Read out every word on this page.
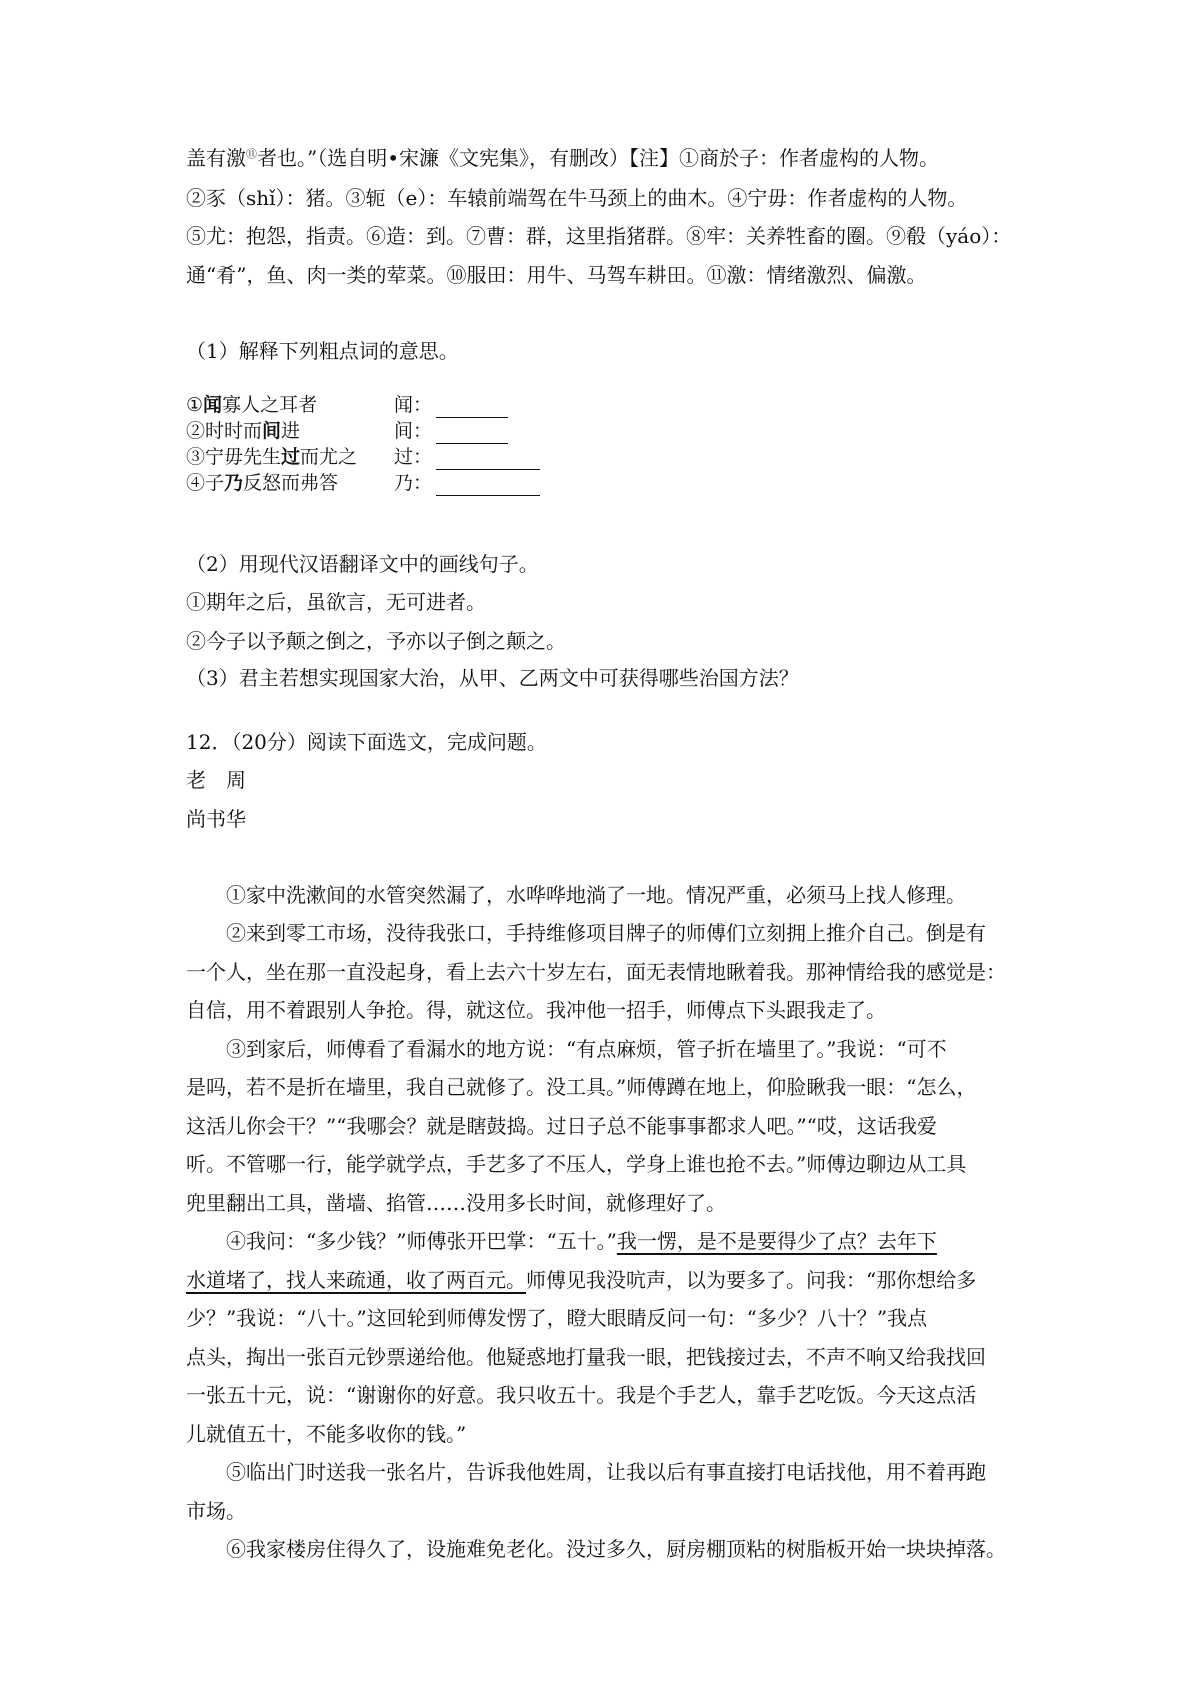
盖有激⑪者也。”（选自明•宋濂《文宪集》，有删改）【注】①商於子：作者虚构的人物。
②豕（shǐ）：猪。③轭（e）：车辕前端驾在牛马颈上的曲木。④宁毋：作者虚构的人物。
⑤尤：抱怨，指责。⑥造：到。⑦曹：群，这里指猪群。⑧牢：关养牲畜的圈。⑨殽（yáo）：
通“肴”，鱼、肉一类的荤菜。⑩服田：用牛、马驾车耕田。⑪激：情绪激烈、偏激。
（1）解释下列粗点词的意思。
①闻寡人之耳者	闻：
②时时而间进	间：
③宁毋先生过而尤之 过：
④子乃反怒而弗答	乃：
（2）用现代汉语翻译文中的画线句子。
①期年之后，虽欲言，无可进者。
②今子以予颠之倒之，予亦以子倒之颠之。
（3）君主若想实现国家大治，从甲、乙两文中可获得哪些治国方法？
12．（20分）阅读下面选文，完成问题。
老　周
尚书华
①家中洗漱间的水管突然漏了，水哗哗地淌了一地。情况严重，必须马上找人修理。
②来到零工市场，没待我张口，手持维修项目牌子的师傅们立刻拥上推介自己。倒是有
一个人，坐在那一直没起身，看上去六十岁左右，面无表情地瞅着我。那神情给我的感觉是：
自信，用不着跟别人争抢。得，就这位。我冲他一招手，师傅点下头跟我走了。
③到家后，师傅看了看漏水的地方说：“有点麻烦，管子折在墙里了。”我说：“可不
是吗，若不是折在墙里，我自己就修了。没工具。”师傅蹲在地上，仰脸瞅我一眼：“怎么，
这活儿你会干？”“我哪会？就是瞎鼓捣。过日子总不能事事都求人吧。”“哎，这话我爱
听。不管哪一行，能学就学点，手艺多了不压人，学身上谁也抢不去。”师傅边聊边从工具
兜里翻出工具，凿墙、掐管……没用多长时间，就修理好了。
④我问：“多少钱？”师傅张开巴掌：“五十。”我一愣，是不是要得少了点？去年下
水道堵了，找人来疏通，收了两百元。师傅见我没吭声，以为要多了。问我：“那你想给多
少？”我说：“八十。”这回轮到师傅发愣了，瞪大眼睛反问一句：“多少？八十？”我点
点头，掏出一张百元钞票递给他。他疑惑地打量我一眼，把钱接过去，不声不响又给我找回
一张五十元，说：“谢谢你的好意。我只收五十。我是个手艺人，靠手艺吃饭。今天这点活
儿就值五十，不能多收你的钱。”
⑤临出门时送我一张名片，告诉我他姓周，让我以后有事直接打电话找他，用不着再跑
市场。
⑥我家楼房住得久了，设施难免老化。没过多久，厨房棚顶粘的树脂板开始一块块掉落。
